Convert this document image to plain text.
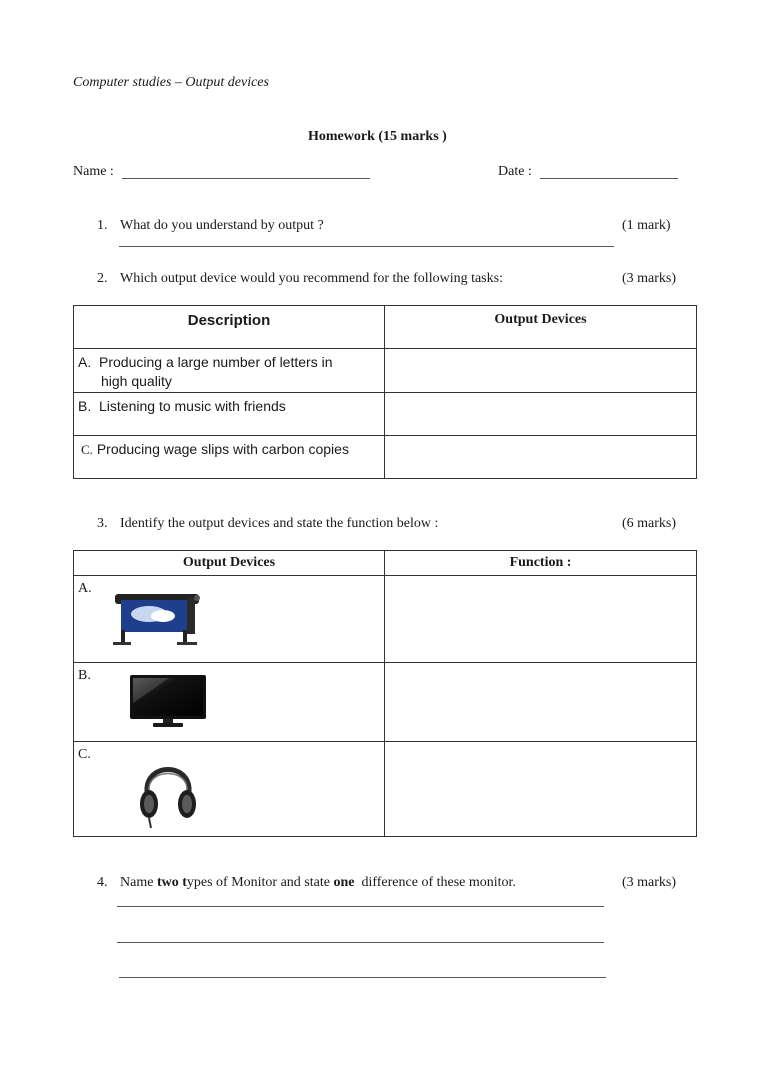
Computer studies – Output devices
Homework (15 marks )
Name :	Date :
1. What do you understand by output ?	(1 mark)
2. Which output device would you recommend for the following tasks:	(3 marks)
Description	Output Devices
A. Producing a large number of letters in
high quality	
B. Listening to music with friends	
C. Producing wage slips with carbon copies	
3. Identify the output devices and state the function below :	(6 marks)
Output Devices	Function :

A.	

B.	

C.	

4. Name two types of Monitor and state one  difference of these monitor.	(3 marks)
